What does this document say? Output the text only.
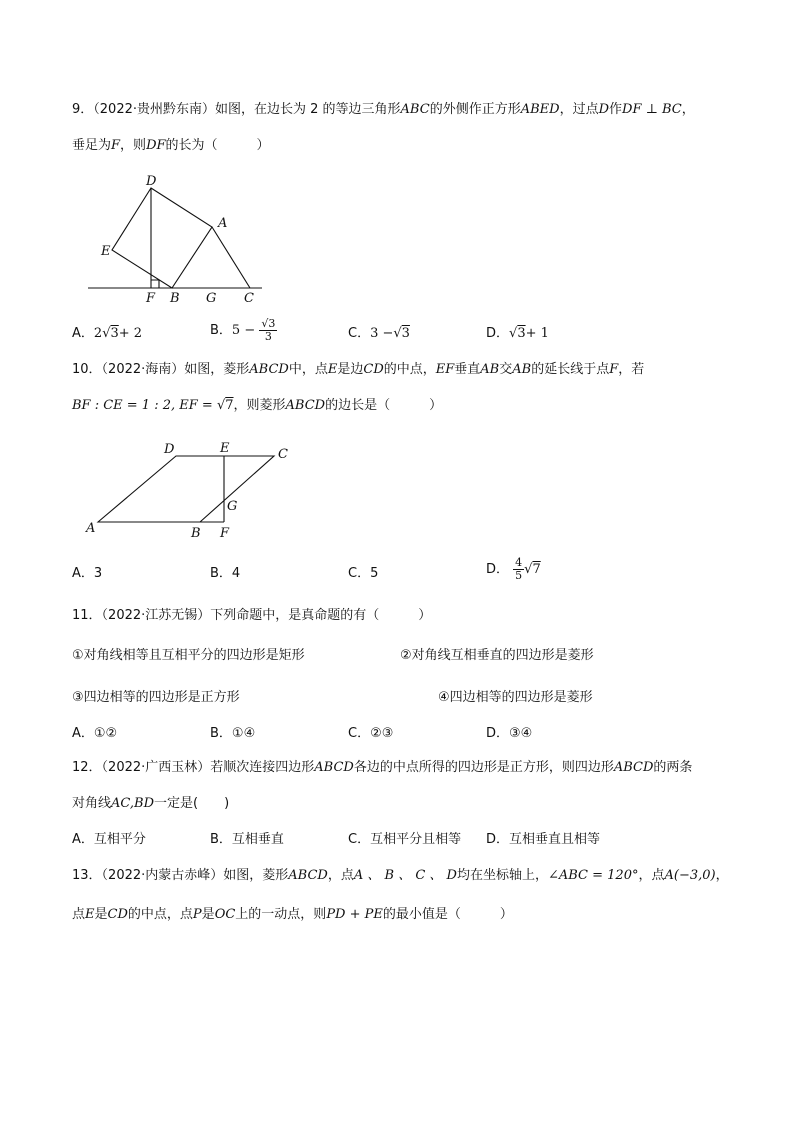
9．（2022·贵州黔东南）如图，在边长为 2 的等边三角形ABC的外侧作正方形ABED，过点D作DF ⊥ BC，
垂足为F，则DF的长为（　　　）
D
E
A
F B G C
A．2√3+ 2	B．$5 - \frac{√3}{3}$	C．3 −√3	D．√3+ 1
10．（2022·海南）如图，菱形ABCD中，点E是边CD的中点，EF垂直AB交AB的延长线于点F，若
BF : CE = 1 : 2, EF = √7，则菱形ABCD的边长是（　　　）
D	E	C
G
A	B F
A．3	B．4	C．5	D． $\frac{4}{5} √7$
11．（2022·江苏无锡）下列命题中，是真命题的有（　　　）
①对角线相等且互相平分的四边形是矩形	②对角线互相垂直的四边形是菱形
③四边相等的四边形是正方形	④四边相等的四边形是菱形
A．①②	B．①④	C．②③	D．③④
12．（2022·广西玉林）若顺次连接四边形ABCD各边的中点所得的四边形是正方形，则四边形ABCD的两条
对角线AC,BD一定是(　　)
A．互相平分	B．互相垂直	C．互相平分且相等 D．互相垂直且相等
13．（2022·内蒙古赤峰）如图，菱形ABCD，点A 、 B 、 C 、 D均在坐标轴上，∠ABC = 120°，点A(−3,0)，
点E是CD的中点，点P是OC上的一动点，则PD + PE的最小值是（　　　）
